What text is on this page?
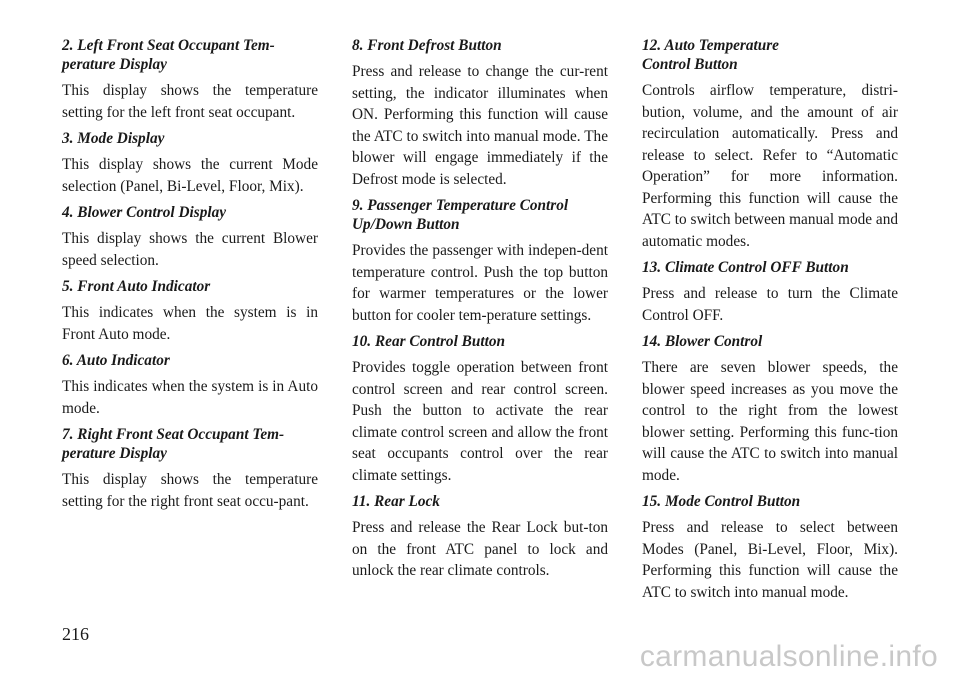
2. Left Front Seat Occupant Tem-
perature Display
This display shows the temperature setting for the left front seat occupant.
3. Mode Display
This display shows the current Mode selection (Panel, Bi-Level, Floor, Mix).
4. Blower Control Display
This display shows the current Blower speed selection.
5. Front Auto Indicator
This indicates when the system is in Front Auto mode.
6. Auto Indicator
This indicates when the system is in Auto mode.
7. Right Front Seat Occupant Tem-
perature Display
This display shows the temperature setting for the right front seat occu-pant.
8. Front Defrost Button
Press and release to change the cur-rent setting, the indicator illuminates when ON. Performing this function will cause the ATC to switch into manual mode. The blower will engage immediately if the Defrost mode is selected.
9. Passenger Temperature Control
Up/Down Button
Provides the passenger with indepen-dent temperature control. Push the top button for warmer temperatures or the lower button for cooler tem-perature settings.
10. Rear Control Button
Provides toggle operation between front control screen and rear control screen. Push the button to activate the rear climate control screen and allow the front seat occupants control over the rear climate settings.
11. Rear Lock
Press and release the Rear Lock but-ton on the front ATC panel to lock and unlock the rear climate controls.
12. Auto Temperature
Control Button
Controls airflow temperature, distri-bution, volume, and the amount of air recirculation automatically. Press and release to select. Refer to “Automatic Operation” for more information. Performing this function will cause the ATC to switch between manual mode and automatic modes.
13. Climate Control OFF Button
Press and release to turn the Climate Control OFF.
14. Blower Control
There are seven blower speeds, the blower speed increases as you move the control to the right from the lowest blower setting. Performing this func-tion will cause the ATC to switch into manual mode.
15. Mode Control Button
Press and release to select between Modes (Panel, Bi-Level, Floor, Mix). Performing this function will cause the ATC to switch into manual mode.
216
carmanualsonline.info
